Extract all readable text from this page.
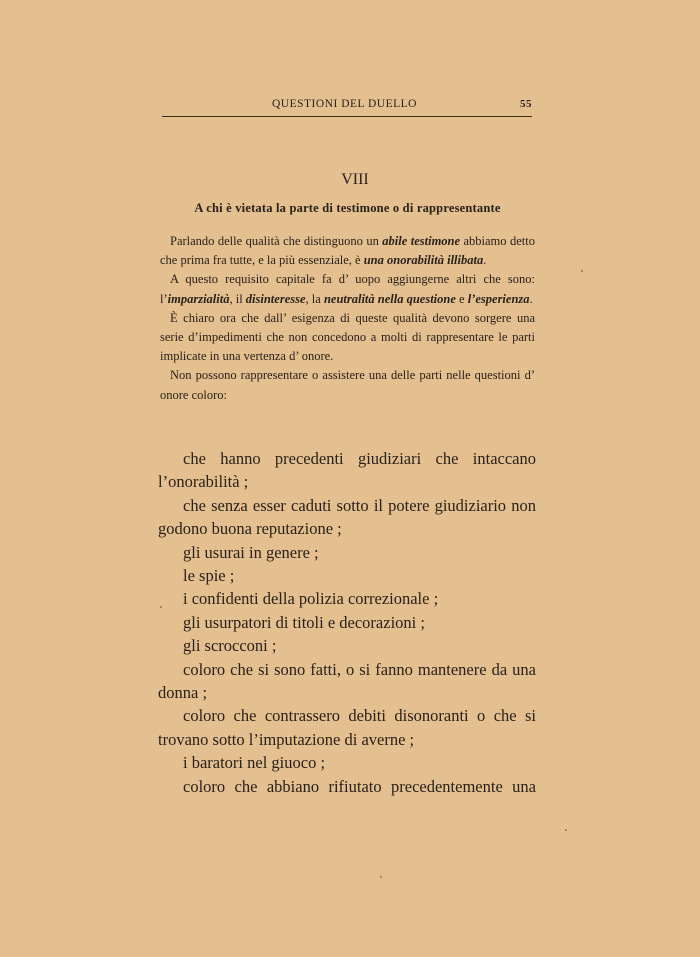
QUESTIONI DEL DUELLO	55
VIII
A chi è vietata la parte di testimone o di rappresentante

Parlando delle qualità che distinguono un abile testimone abbiamo detto che prima fra tutte, e la più essenziale, è una onorabilità illibata.

A questo requisito capitale fa d’ uopo aggiungerne altri che sono: l’imparzialità, il disinteresse, la neutralità nella questione e l’esperienza.

È chiaro ora che dall’ esigenza di queste qualità devono sorgere una serie d’impedimenti che non concedono a molti di rappresentare le parti implicate in una vertenza d’ onore.

Non possono rappresentare o assistere una delle parti nelle questioni d’ onore coloro:

che hanno precedenti giudiziari che intaccano l’onorabilità ;

che senza esser caduti sotto il potere giudiziario non godono buona reputazione ;

gli usurai in genere ;

le spie ;

i confidenti della polizia correzionale ;

gli usurpatori di titoli e decorazioni ;

gli scrocconi ;

coloro che si sono fatti, o si fanno mantenere da una donna ;

coloro che contrassero debiti disonoranti o che si trovano sotto l’imputazione di averne ;

i baratori nel giuoco ;

coloro che abbiano rifiutato precedentemente una
